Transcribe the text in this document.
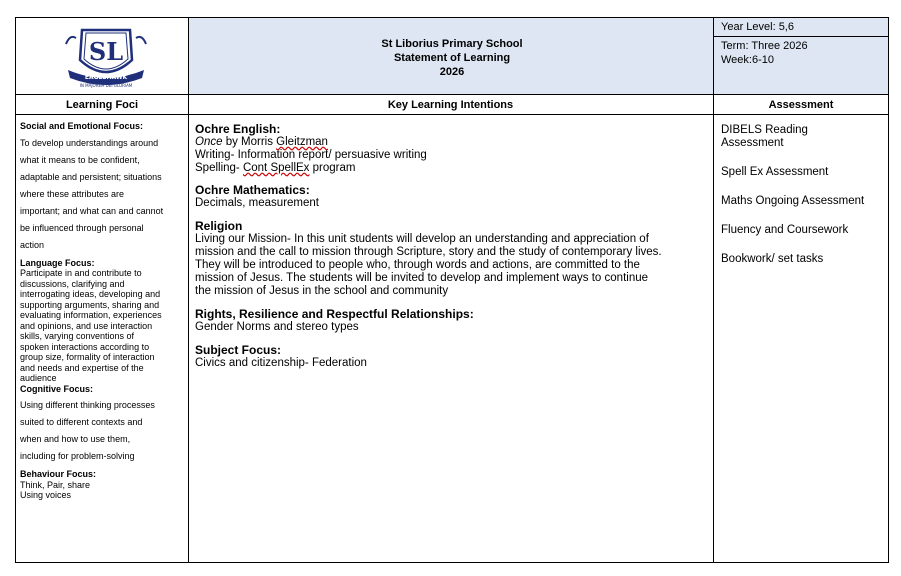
SL
EAGLEHAWK
IN MAJOREM DEI GLORIAM
St Liborius Primary School
Statement of Learning
2026
Year Level: 5,6
Term: Three 2026
Week:6-10
Learning Foci	Key Learning Intentions	Assessment
Social and Emotional Focus:
To develop understandings around
what it means to be confident,
adaptable and persistent; situations
where these attributes are
important; and what can and cannot
be influenced through personal
action
Language Focus:
Participate in and contribute to
discussions, clarifying and
interrogating ideas, developing and
supporting arguments, sharing and
evaluating information, experiences
and opinions, and use interaction
skills, varying conventions of
spoken interactions according to
group size, formality of interaction
and needs and expertise of the
audience
Cognitive Focus:
Using different thinking processes
suited to different contexts and
when and how to use them,
including for problem-solving
Behaviour Focus:
Think, Pair, share
Using voices
Ochre English:
Once by Morris Gleitzman
Writing- Information report/ persuasive writing
Spelling- Cont SpellEx program
Ochre Mathematics:
Decimals, measurement
Religion
Living our Mission- In this unit students will develop an understanding and appreciation of
mission and the call to mission through Scripture, story and the study of contemporary lives.
They will be introduced to people who, through words and actions, are committed to the
mission of Jesus. The students will be invited to develop and implement ways to continue
the mission of Jesus in the school and community
Rights, Resilience and Respectful Relationships:
Gender Norms and stereo types
Subject Focus:
Civics and citizenship- Federation
DIBELS Reading
Assessment
Spell Ex Assessment
Maths Ongoing Assessment
Fluency and Coursework
Bookwork/ set tasks
